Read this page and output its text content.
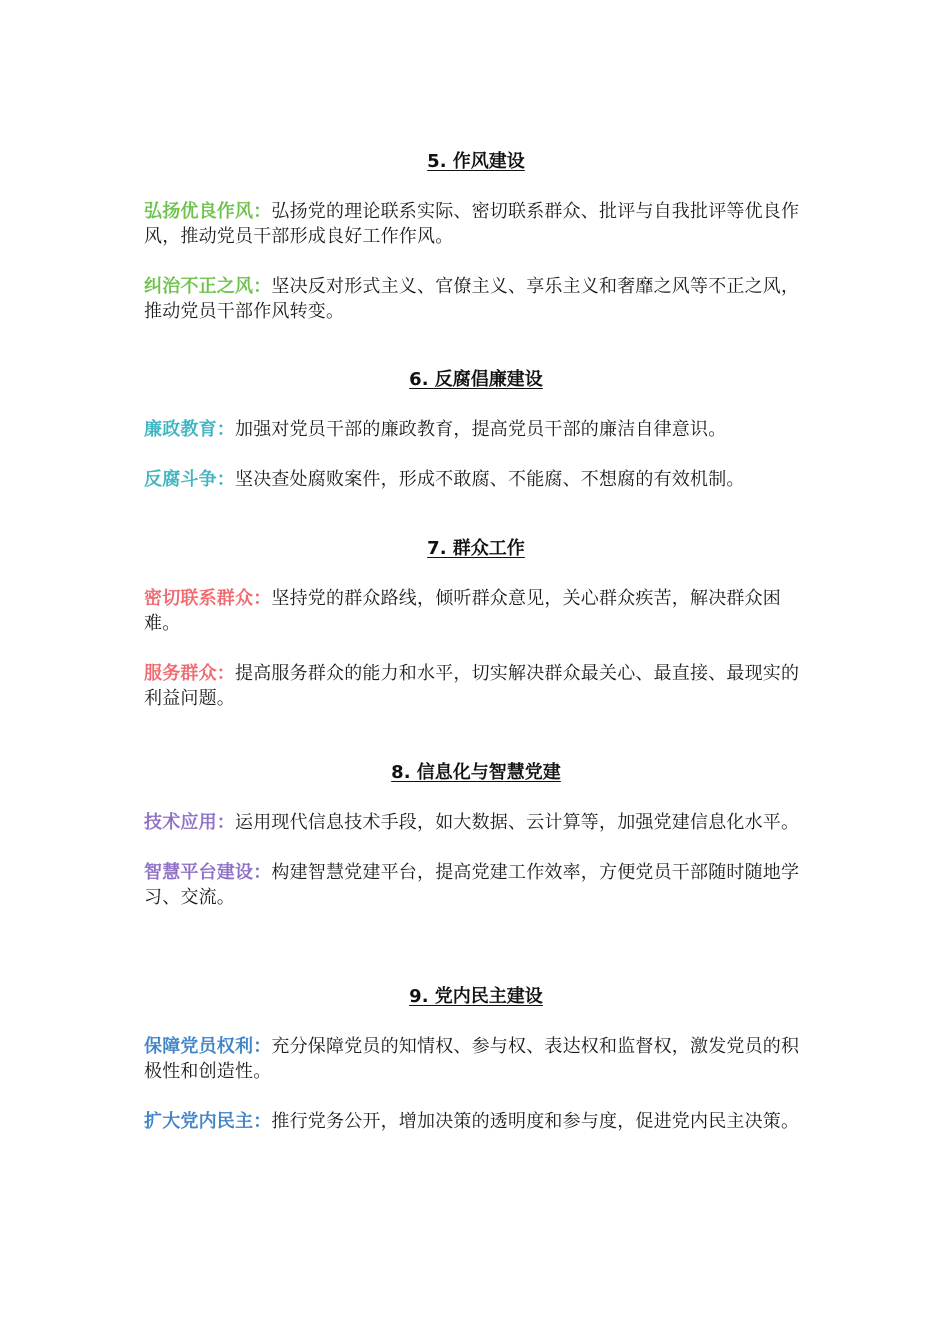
5. 作风建设

弘扬优良作风：弘扬党的理论联系实际、密切联系群众、批评与自我批评等优良作风，推动党员干部形成良好工作作风。

纠治不正之风：坚决反对形式主义、官僚主义、享乐主义和奢靡之风等不正之风，推动党员干部作风转变。

6. 反腐倡廉建设

廉政教育：加强对党员干部的廉政教育，提高党员干部的廉洁自律意识。

反腐斗争：坚决查处腐败案件，形成不敢腐、不能腐、不想腐的有效机制。

7. 群众工作

密切联系群众：坚持党的群众路线，倾听群众意见，关心群众疾苦，解决群众困难。

服务群众：提高服务群众的能力和水平，切实解决群众最关心、最直接、最现实的利益问题。

8. 信息化与智慧党建

技术应用：运用现代信息技术手段，如大数据、云计算等，加强党建信息化水平。

智慧平台建设：构建智慧党建平台，提高党建工作效率，方便党员干部随时随地学习、交流。

9. 党内民主建设

保障党员权利：充分保障党员的知情权、参与权、表达权和监督权，激发党员的积极性和创造性。

扩大党内民主：推行党务公开，增加决策的透明度和参与度，促进党内民主决策。
